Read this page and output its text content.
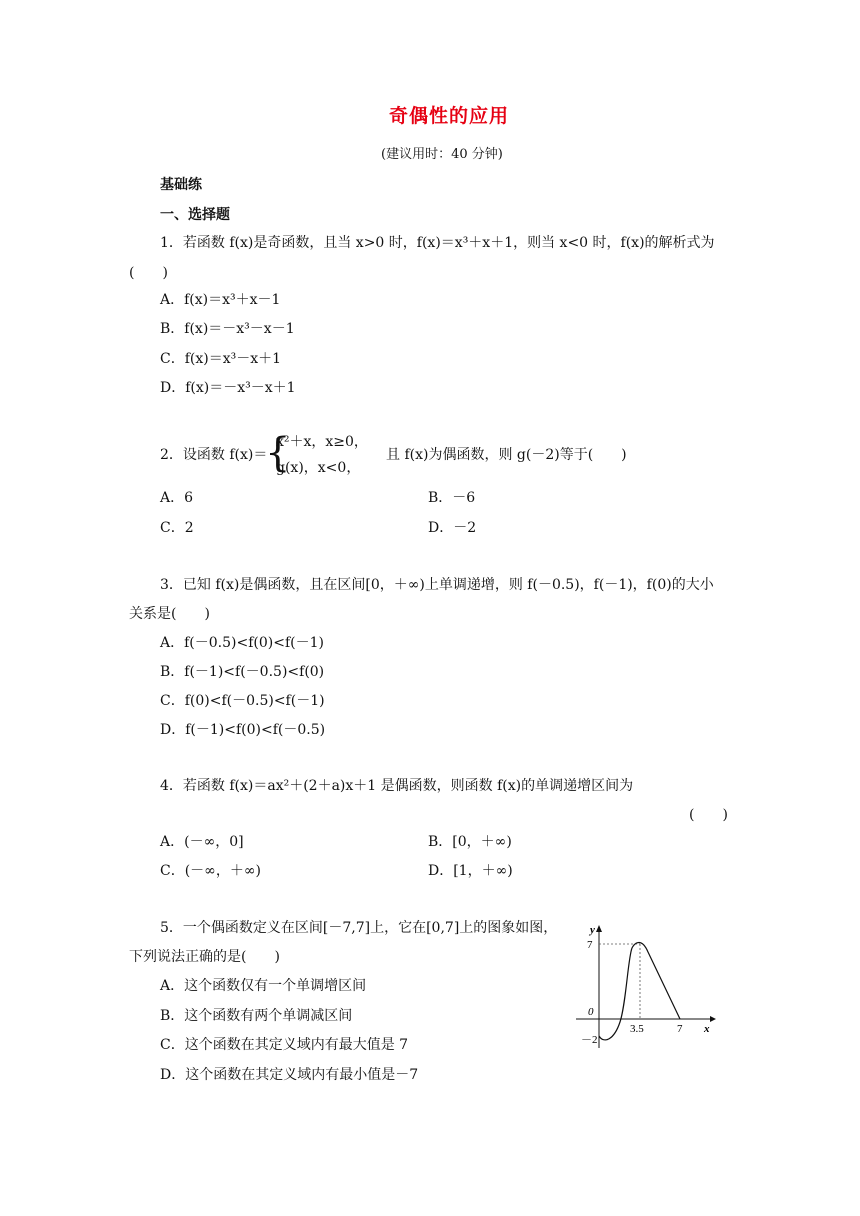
奇偶性的应用
(建议用时：40 分钟)
基础练
一、选择题
1．若函数 f(x)是奇函数，且当 x>0 时，f(x)＝x³＋x＋1，则当 x<0 时，f(x)的解析式为
(　　)
A．f(x)＝x³＋x－1
B．f(x)＝－x³－x－1
C．f(x)＝x³－x＋1
D．f(x)＝－x³－x＋1
2．设函数 f(x)＝
{
x²＋x，x≥0，
g(x)，x<0，
且 f(x)为偶函数，则 g(－2)等于(　　)
A．6	B．－6
C．2	D．－2
3．已知 f(x)是偶函数，且在区间[0，＋∞)上单调递增，则 f(－0.5)，f(－1)，f(0)的大小
关系是(　　)
A．f(－0.5)<f(0)<f(－1)
B．f(－1)<f(－0.5)<f(0)
C．f(0)<f(－0.5)<f(－1)
D．f(－1)<f(0)<f(－0.5)
4．若函数 f(x)＝ax²＋(2＋a)x＋1 是偶函数，则函数 f(x)的单调递增区间为
(　　)
A．(－∞，0]	B．[0，＋∞)
C．(－∞，＋∞)	D．[1，＋∞)
5．一个偶函数定义在区间[－7,7]上，它在[0,7]上的图象如图，
下列说法正确的是(　　)
A．这个函数仅有一个单调增区间
B．这个函数有两个单调减区间
C．这个函数在其定义域内有最大值是 7
D．这个函数在其定义域内有最小值是－7
y
x
0
7
－2
3.5	7
